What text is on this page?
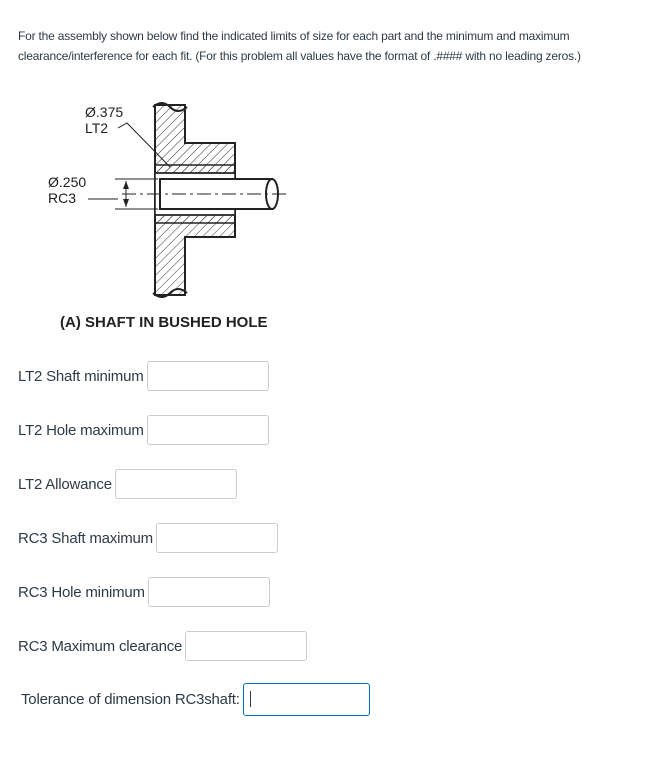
For the assembly shown below find the indicated limits of size for each part and the minimum and maximum clearance/interference for each fit. (For this problem all values have the format of .#### with no leading zeros.)
Ø.375
LT2
Ø.250
RC3
(A) SHAFT IN BUSHED HOLE
LT2 Shaft minimum
LT2 Hole maximum
LT2 Allowance
RC3 Shaft maximum
RC3 Hole minimum
RC3 Maximum clearance
Tolerance of dimension RC3shaft:
